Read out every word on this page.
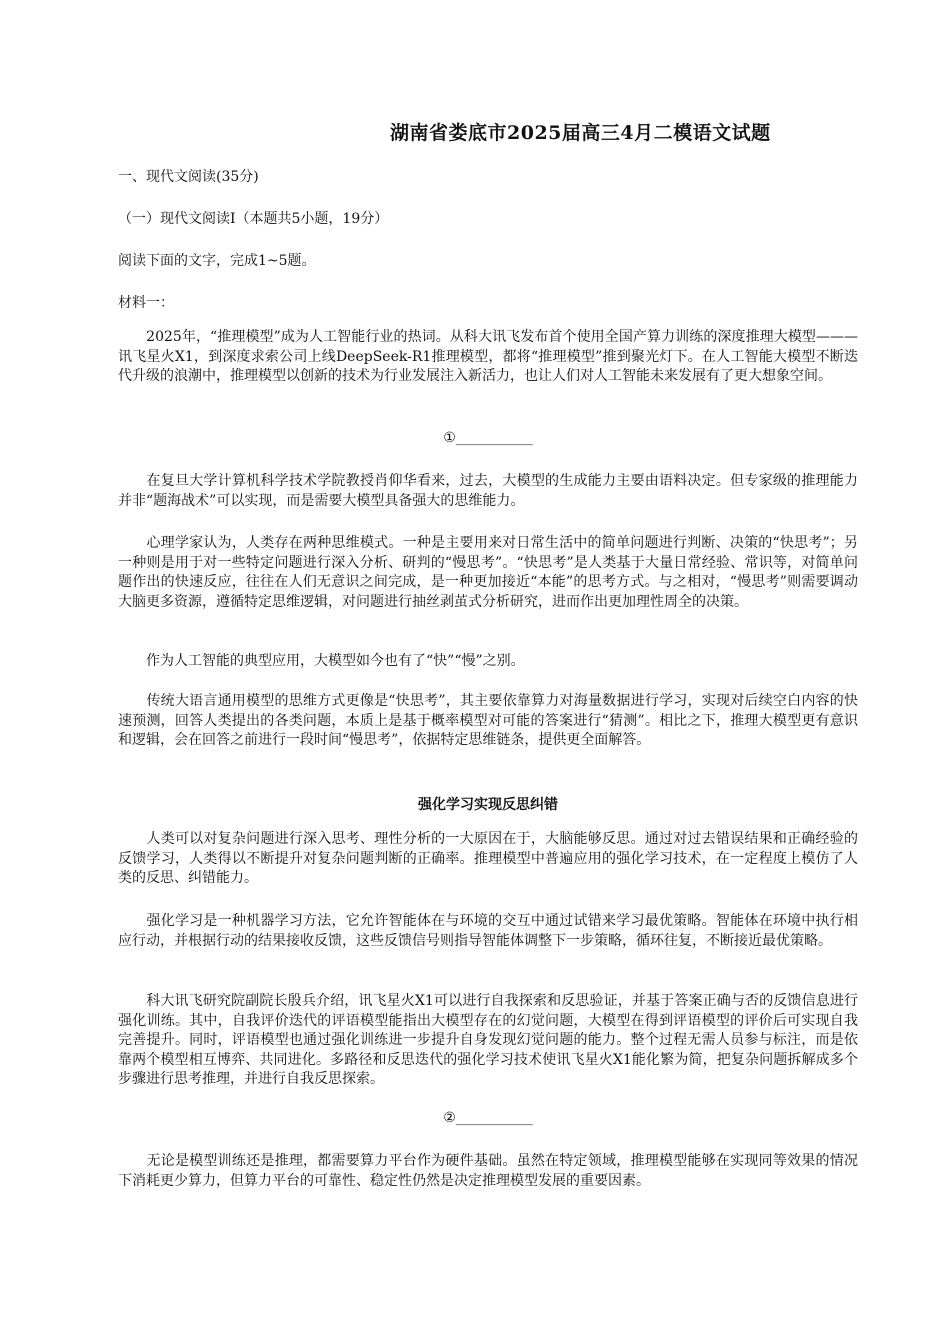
湖南省娄底市2025届高三4月二模语文试题
一、现代文阅读(35分)
（一）现代文阅读Ⅰ（本题共5小题，19分）
阅读下面的文字，完成1~5题。
材料一：

　　2025年，“推理模型”成为人工智能行业的热词。从科大讯飞发布首个使用全国产算力训练的深度推理大模型———讯飞星火X1，到深度求索公司上线DeepSeek-R1推理模型，都将“推理模型”推到聚光灯下。在人工智能大模型不断迭代升级的浪潮中，推理模型以创新的技术为行业发展注入新活力，也让人们对人工智能未来发展有了更大想象空间。

①___________

　　在复旦大学计算机科学技术学院教授肖仰华看来，过去，大模型的生成能力主要由语料决定。但专家级的推理能力并非“题海战术”可以实现，而是需要大模型具备强大的思维能力。

　　心理学家认为，人类存在两种思维模式。一种是主要用来对日常生活中的简单问题进行判断、决策的“快思考”；另一种则是用于对一些特定问题进行深入分析、研判的“慢思考”。“快思考”是人类基于大量日常经验、常识等，对简单问题作出的快速反应，往往在人们无意识之间完成，是一种更加接近“本能”的思考方式。与之相对，“慢思考”则需要调动大脑更多资源，遵循特定思维逻辑，对问题进行抽丝剥茧式分析研究，进而作出更加理性周全的决策。

　　作为人工智能的典型应用，大模型如今也有了“快”“慢”之别。

　　传统大语言通用模型的思维方式更像是“快思考”，其主要依靠算力对海量数据进行学习，实现对后续空白内容的快速预测，回答人类提出的各类问题，本质上是基于概率模型对可能的答案进行“猜测”。相比之下，推理大模型更有意识和逻辑，会在回答之前进行一段时间“慢思考”，依据特定思维链条，提供更全面解答。

强化学习实现反思纠错

　　人类可以对复杂问题进行深入思考、理性分析的一大原因在于，大脑能够反思。通过对过去错误结果和正确经验的反馈学习，人类得以不断提升对复杂问题判断的正确率。推理模型中普遍应用的强化学习技术，在一定程度上模仿了人类的反思、纠错能力。

　　强化学习是一种机器学习方法，它允许智能体在与环境的交互中通过试错来学习最优策略。智能体在环境中执行相应行动，并根据行动的结果接收反馈，这些反馈信号则指导智能体调整下一步策略，循环往复，不断接近最优策略。

　　科大讯飞研究院副院长殷兵介绍，讯飞星火X1可以进行自我探索和反思验证，并基于答案正确与否的反馈信息进行强化训练。其中，自我评价迭代的评语模型能指出大模型存在的幻觉问题，大模型在得到评语模型的评价后可实现自我完善提升。同时，评语模型也通过强化训练进一步提升自身发现幻觉问题的能力。整个过程无需人员参与标注，而是依靠两个模型相互博弈、共同进化。多路径和反思迭代的强化学习技术使讯飞星火X1能化繁为简，把复杂问题拆解成多个步骤进行思考推理，并进行自我反思探索。

②___________

　　无论是模型训练还是推理，都需要算力平台作为硬件基础。虽然在特定领域，推理模型能够在实现同等效果的情况下消耗更少算力，但算力平台的可靠性、稳定性仍然是决定推理模型发展的重要因素。
